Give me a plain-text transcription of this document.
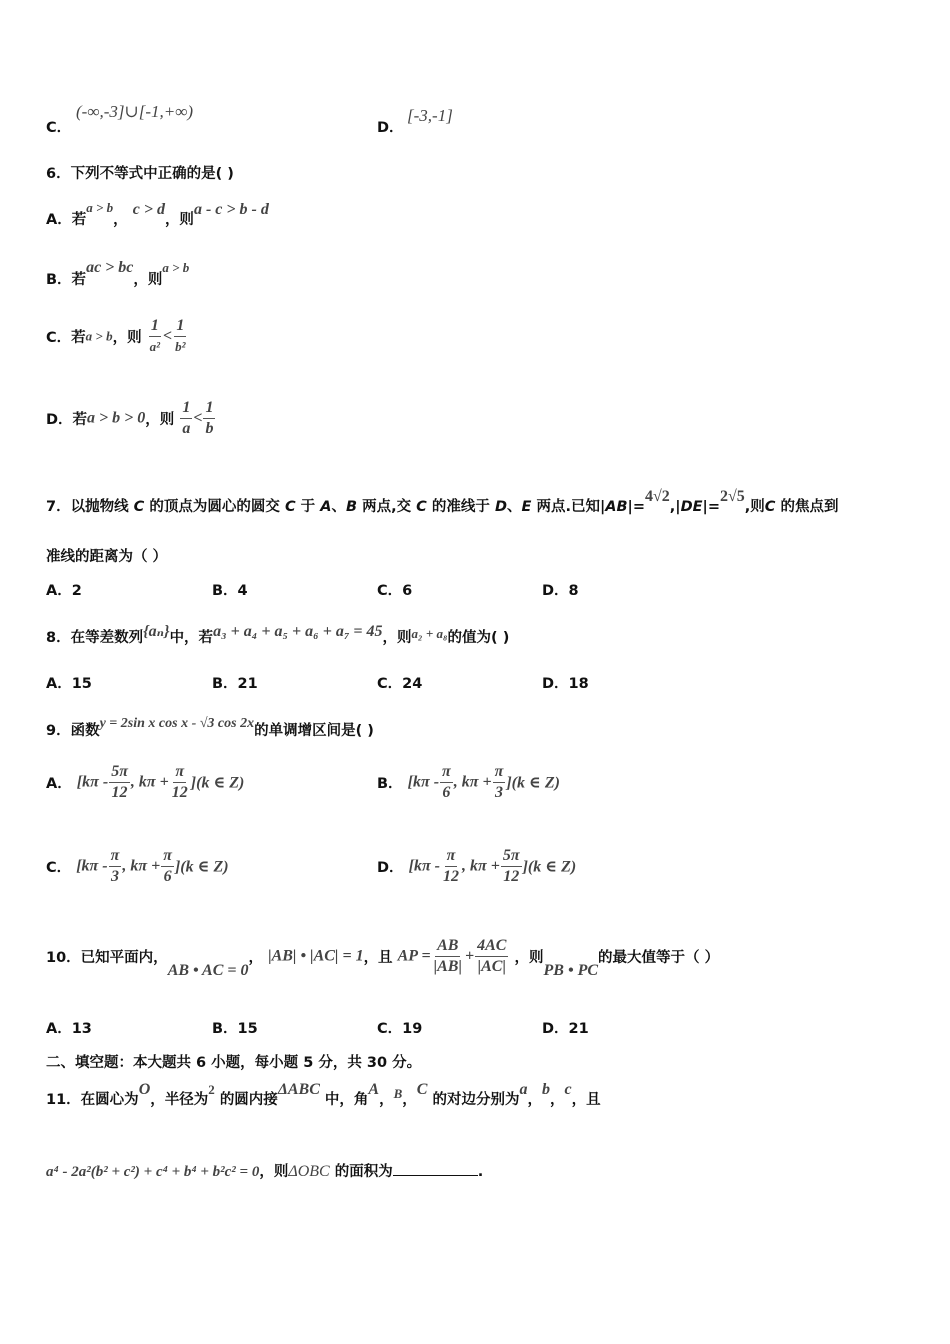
C．
(-∞,-3]∪[-1,+∞)
D．
[-3,-1]
6．下列不等式中正确的是( )
A．若a > b， c > d，则a - c > b - d
B．若ac > bc，则a > b
C．若a > b，则 $\frac{1}{\text{a²}} < \frac{1}{\text{b²}}$
D．若a > b > 0，则 $\frac{1}{a} < \frac{1}{b}$
7．以抛物线 C 的顶点为圆心的圆交 C 于 A、B 两点,交 C 的准线于 D、E 两点.已知|AB|=4√2,|DE|=2√5,则C 的焦点到
准线的距离为（ ）
A．2	B．4	C．6	D．8
8．在等差数列{aₙ}中，若a₃ + a₄ + a₅ + a₆ + a₇ = 45，则a₂ + a₈的值为( )
A．15	B．21	C．24	D．18
9．函数y = 2sin x cos x - √3 cos 2x的单调增区间是( )
A． [$k\pi - \frac{5\pi}{12}$ , $k\pi + \frac{\pi}{12} ](k$ ∈ Z)	B． [$k\pi - \frac{\pi}{6}$ , $k\pi + \frac{\pi}{3} ](k$ ∈ Z)
C． [$k\pi - \frac{\pi}{3}$ , $k\pi + \frac{\pi}{6} ](k$ ∈ Z)	D． [$k\pi - \frac{\pi}{12}$ , $k\pi + \frac{5\pi}{12} ](k$ ∈ Z)
10．已知平面内，AB • AC = 0， |AB| • |AC| = 1，且 AP = $\frac{AB}{|AB|} + \frac{4AC}{|AC|}$ ，则PB • PC的最大值等于（ ）
A．13	B．15	C．19	D．21
二、填空题：本大题共 6 小题，每小题 5 分，共 30 分。
11．在圆心为O，半径为2 的圆内接ΔABC 中，角A，B，C 的对边分别为a，b，c，且
a⁴ - 2a²(b² + c²) + c⁴ + b⁴ + b²c² = 0，则ΔOBC 的面积为	.
